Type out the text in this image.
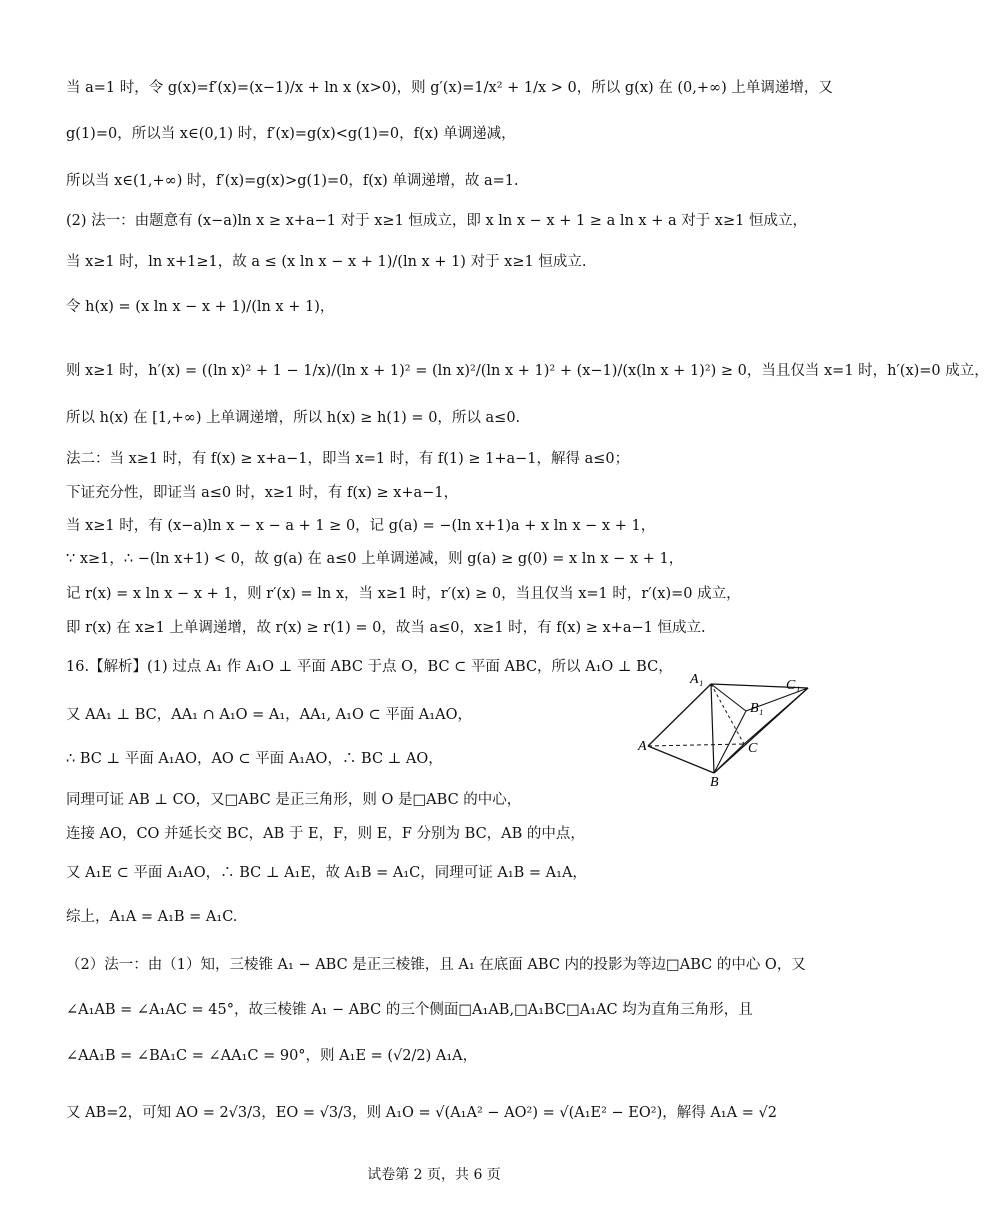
当 a=1 时，令 g(x)=f′(x)=(x−1)/x + ln x (x>0)，则 g′(x)=1/x² + 1/x > 0，所以 g(x) 在 (0,+∞) 上单调递增，又
g(1)=0，所以当 x∈(0,1) 时，f′(x)=g(x)<g(1)=0，f(x) 单调递减，
所以当 x∈(1,+∞) 时，f′(x)=g(x)>g(1)=0，f(x) 单调递增，故 a=1.
(2) 法一：由题意有 (x−a)ln x ≥ x+a−1 对于 x≥1 恒成立，即 x ln x − x + 1 ≥ a ln x + a 对于 x≥1 恒成立，
当 x≥1 时，ln x+1≥1，故 a ≤ (x ln x − x + 1)/(ln x + 1) 对于 x≥1 恒成立.
令 h(x) = (x ln x − x + 1)/(ln x + 1)，
则 x≥1 时，h′(x) = ((ln x)² + 1 − 1/x)/(ln x + 1)² = (ln x)²/(ln x + 1)² + (x−1)/(x(ln x + 1)²) ≥ 0，当且仅当 x=1 时，h′(x)=0 成立，
所以 h(x) 在 [1,+∞) 上单调递增，所以 h(x) ≥ h(1) = 0，所以 a≤0.
法二：当 x≥1 时，有 f(x) ≥ x+a−1，即当 x=1 时，有 f(1) ≥ 1+a−1，解得 a≤0；
下证充分性，即证当 a≤0 时，x≥1 时，有 f(x) ≥ x+a−1，
当 x≥1 时，有 (x−a)ln x − x − a + 1 ≥ 0，记 g(a) = −(ln x+1)a + x ln x − x + 1，
∵ x≥1，∴ −(ln x+1) < 0，故 g(a) 在 a≤0 上单调递减，则 g(a) ≥ g(0) = x ln x − x + 1，
记 r(x) = x ln x − x + 1，则 r′(x) = ln x，当 x≥1 时，r′(x) ≥ 0，当且仅当 x=1 时，r′(x)=0 成立，
即 r(x) 在 x≥1 上单调递增，故 r(x) ≥ r(1) = 0，故当 a≤0，x≥1 时，有 f(x) ≥ x+a−1 恒成立.
16.【解析】(1) 过点 A₁ 作 A₁O ⊥ 平面 ABC 于点 O，BC ⊂ 平面 ABC，所以 A₁O ⊥ BC，
又 AA₁ ⊥ BC，AA₁ ∩ A₁O = A₁，AA₁, A₁O ⊂ 平面 A₁AO，
∴ BC ⊥ 平面 A₁AO，AO ⊂ 平面 A₁AO，∴ BC ⊥ AO，
同理可证 AB ⊥ CO，又□ABC 是正三角形，则 O 是□ABC 的中心，
连接 AO，CO 并延长交 BC，AB 于 E，F，则 E，F 分别为 BC，AB 的中点，
又 A₁E ⊂ 平面 A₁AO，∴ BC ⊥ A₁E，故 A₁B = A₁C，同理可证 A₁B = A₁A，
综上，A₁A = A₁B = A₁C.
（2）法一：由（1）知，三棱锥 A₁ − ABC 是正三棱锥，且 A₁ 在底面 ABC 内的投影为等边□ABC 的中心 O，又
∠A₁AB = ∠A₁AC = 45°，故三棱锥 A₁ − ABC 的三个侧面□A₁AB,□A₁BC□A₁AC 均为直角三角形，且
∠AA₁B = ∠BA₁C = ∠AA₁C = 90°，则 A₁E = (√2/2) A₁A，
又 AB=2，可知 AO = 2√3/3，EO = √3/3，则 A₁O = √(A₁A² − AO²) = √(A₁E² − EO²)，解得 A₁A = √2
A₁	C₁
B₁
A	C
B
试卷第 2 页，共 6 页
